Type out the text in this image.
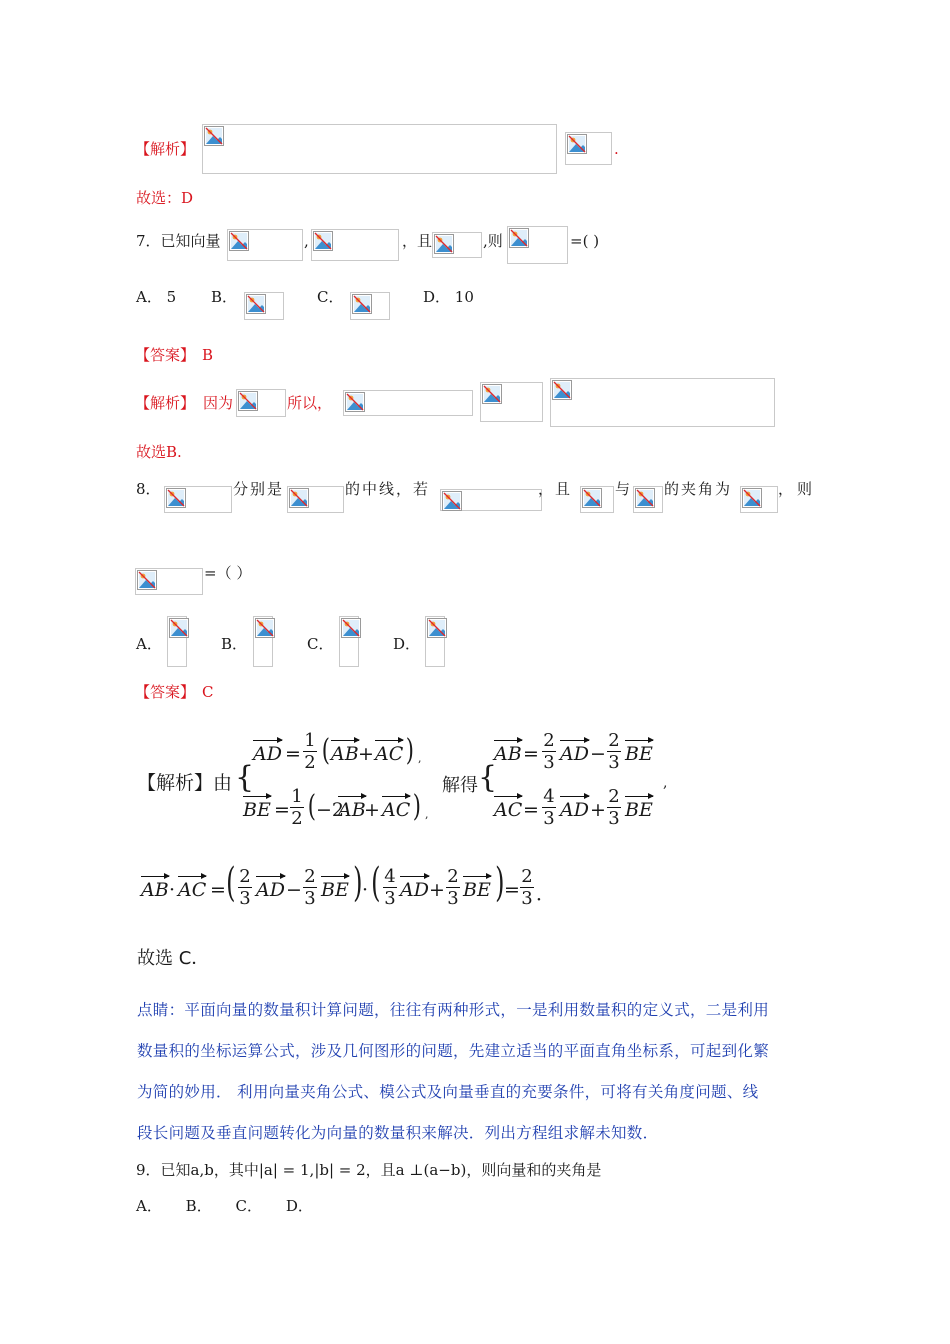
【解析】	.
故选：D
7．已知向量	,	，且	,则	=( )
A． 5 B．	C．	D． 10
【答案】 B
【解析】 因为	所以，
故选B.
8．	分别是	的中线，若	，且	与 的夹角为	，则
=（ ）
A．	B．	C．	D．
【答案】 C
【解析】由 {
AD =
1
2 ( AB + AC ) ,
BE =
1
2 ( −2
AB
+ AC ) ,
解得 {
AB =
2
3 AD −
2
3 BE
AC =
4
3 AD +
2
3 BE
,
AB · AC = ( 2
3 AD −
2
3 BE ) · ( 4
3 AD +
2
3 BE ) =
2
3 ．
故选 C．
点睛：平面向量的数量积计算问题，往往有两种形式，一是利用数量积的定义式，二是利用
数量积的坐标运算公式，涉及几何图形的问题，先建立适当的平面直角坐标系，可起到化繁
为简的妙用． 利用向量夹角公式、模公式及向量垂直的充要条件，可将有关角度问题、线
段长问题及垂直问题转化为向量的数量积来解决．列出方程组求解未知数．
9．已知a,b，其中|a| = 1,|b| = 2，且a ⊥(a−b)，则向量和的夹角是
A．     B．     C．     D．
